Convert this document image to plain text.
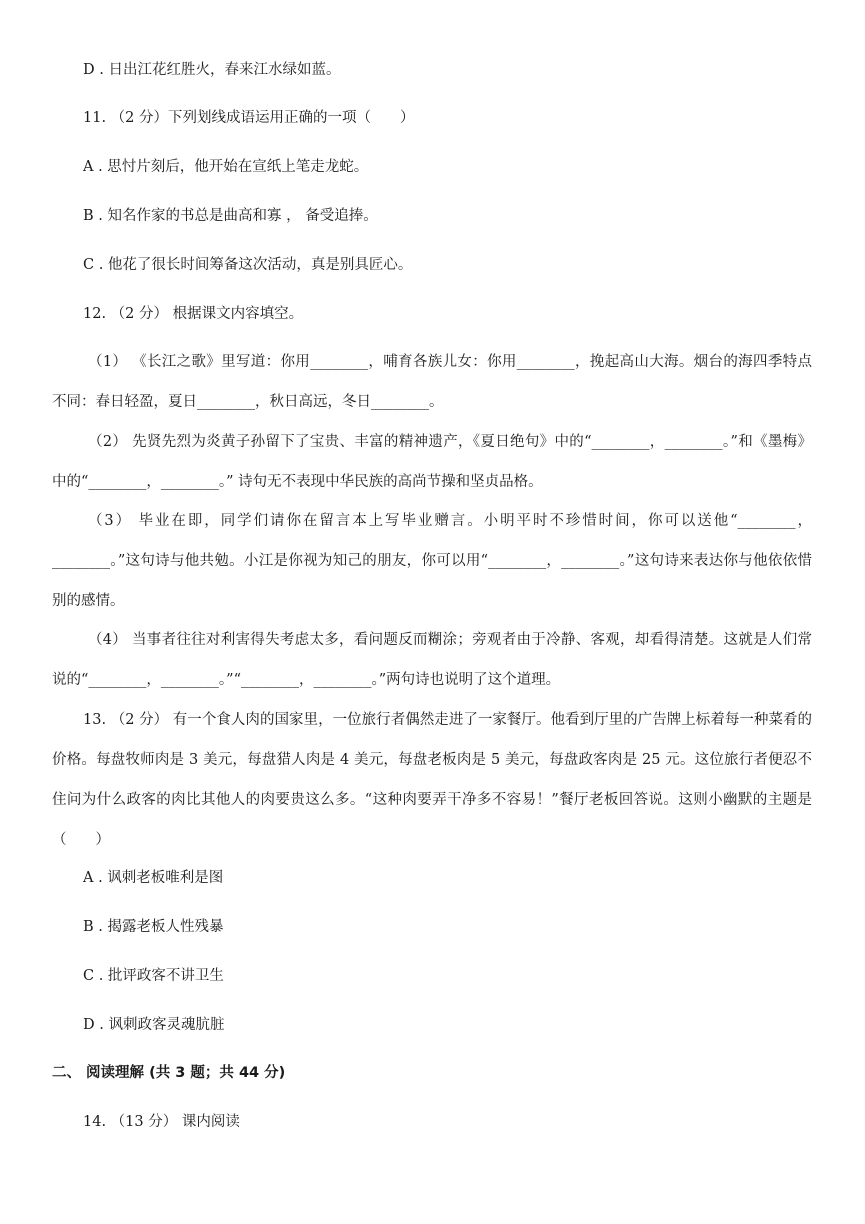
D . 日出江花红胜火，春来江水绿如蓝。
11. （2 分）下列划线成语运用正确的一项（　　）
A . 思忖片刻后，他开始在宣纸上笔走龙蛇。
B . 知名作家的书总是曲高和寡 ， 备受追捧。
C . 他花了很长时间筹备这次活动，真是别具匠心。
12. （2 分） 根据课文内容填空。
（1） 《长江之歌》里写道：你用________，哺育各族儿女：你用________，挽起高山大海。烟台的海四季特点不同：春日轻盈，夏日________，秋日高远，冬日________。
（2） 先贤先烈为炎黄子孙留下了宝贵、丰富的精神遗产，《夏日绝句》中的“________，________。”和《墨梅》中的“________，________。” 诗句无不表现中华民族的高尚节操和坚贞品格。
（3） 毕业在即，同学们请你在留言本上写毕业赠言。小明平时不珍惜时间，你可以送他“________，________。”这句诗与他共勉。小江是你视为知己的朋友，你可以用“________，________。”这句诗来表达你与他依依惜别的感情。
（4） 当事者往往对利害得失考虑太多，看问题反而糊涂；旁观者由于冷静、客观，却看得清楚。这就是人们常说的“________，________。”“________，________。”两句诗也说明了这个道理。
13. （2 分） 有一个食人肉的国家里，一位旅行者偶然走进了一家餐厅。他看到厅里的广告牌上标着每一种菜肴的价格。每盘牧师肉是 3 美元，每盘猎人肉是 4 美元，每盘老板肉是 5 美元，每盘政客肉是 25 元。这位旅行者便忍不住问为什么政客的肉比其他人的肉要贵这么多。“这种肉要弄干净多不容易！”餐厅老板回答说。这则小幽默的主题是（　　）
A . 讽刺老板唯利是图
B . 揭露老板人性残暴
C . 批评政客不讲卫生
D . 讽刺政客灵魂肮脏
二、 阅读理解 (共 3 题；共 44 分)
14. （13 分） 课内阅读
